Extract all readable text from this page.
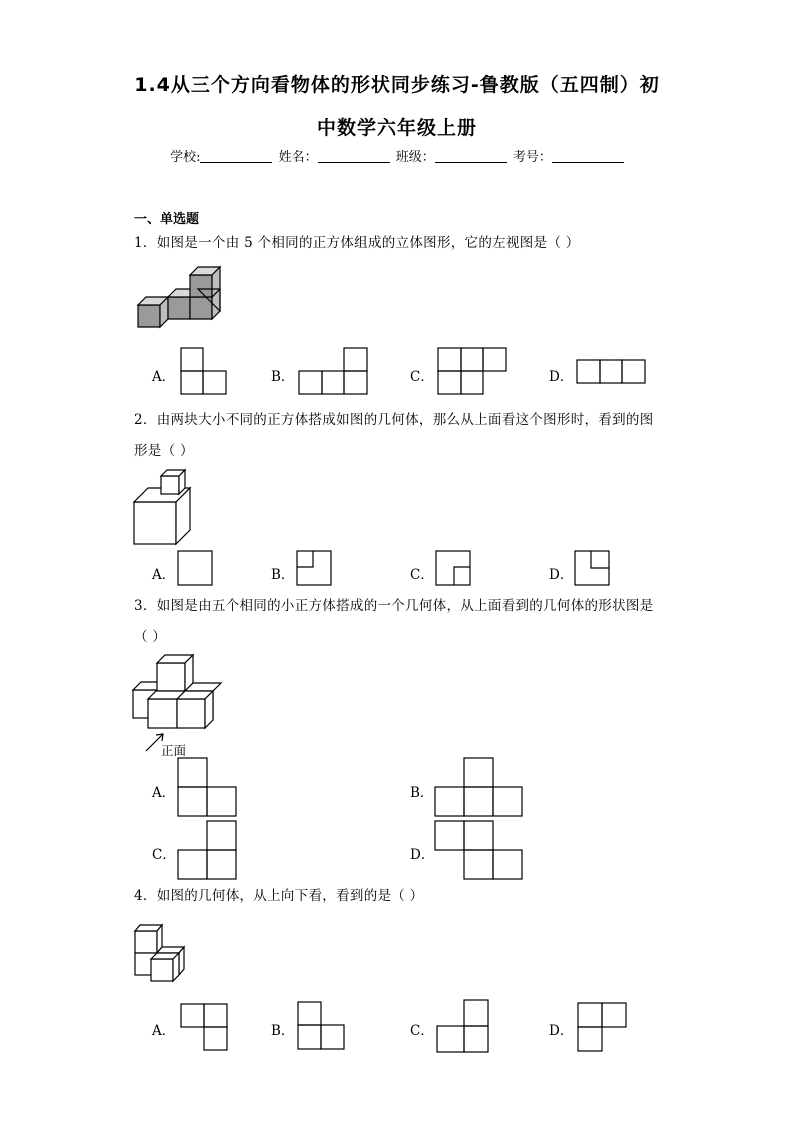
1.4从三个方向看物体的形状同步练习-鲁教版（五四制）初
中数学六年级上册
学校:	姓名：	班级：	考号：
一、单选题
1．如图是一个由 5 个相同的正方体组成的立体图形，它的左视图是（ ）
A．	B．	C．	D．
2．由两块大小不同的正方体搭成如图的几何体，那么从上面看这个图形时，看到的图形是（ ）
A．	B．	C．	D．
3．如图是由五个相同的小正方体搭成的一个几何体，从上面看到的几何体的形状图是（ ）
正面
A．	B．
C．	D．
4．如图的几何体，从上向下看，看到的是（ ）
A．	B．	C．	D．
